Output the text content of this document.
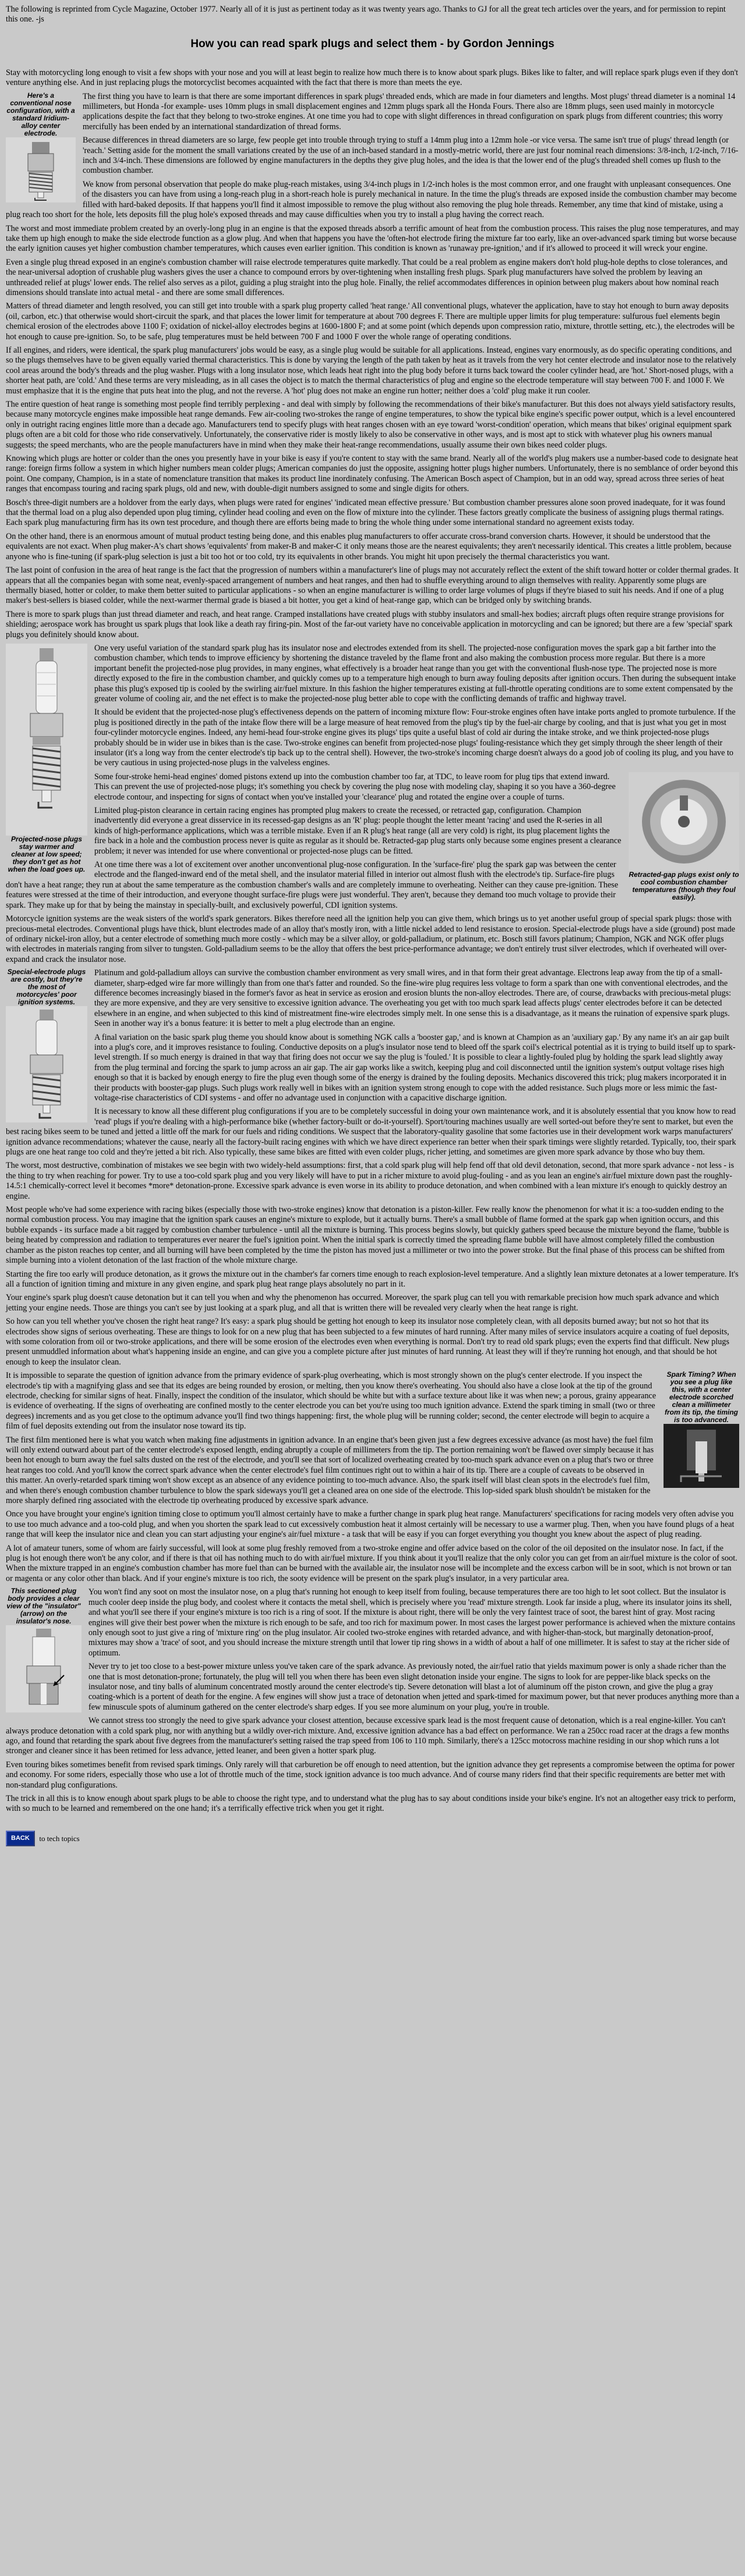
The following is reprinted from Cycle Magazine, October 1977. Nearly all of it is just as pertinent today as it was twenty years ago. Thanks to GJ for all the great tech articles over the years, and for permission to repint this one. -js

How you can read spark plugs and select them - by Gordon Jennings

Stay with motorcycling long enough to visit a few shops with your nose and you will at least begin to realize how much there is to know about spark plugs. Bikes like to falter, and will replace spark plugs even if they don't venture anything else. And in just replacing plugs the motorcyclist becomes acquainted with the fact that there is more than meets the eye.

Here's a conventional nose configuration, with a standard Iridium-alloy center electrode.

The first thing you have to learn is that there are some important differences in spark plugs' threaded ends, which are made in four diameters and lengths. Most plugs' thread diameter is a nominal 14 millimeters, but Honda -for example- uses 10mm plugs in small displacement engines and 12mm plugs spark all the Honda Fours. There also are 18mm plugs, seen used mainly in motorcycle applications despite the fact that they belong to two-stroke engines. At one time you had to cope with slight differences in thread configuration on spark plugs from different countries; this worry mercifully has been ended by an international standardization of thread forms.

Because differences in thread diameters are so large, few people get into trouble through trying to stuff a 14mm plug into a 12mm hole -or vice versa. The same isn't true of plugs' thread length (or 'reach.' Setting aside for the moment the small variations created by the use of an inch-based standard in a mostly-metric world, there are just four nominal reach dimensions: 3/8-inch, 1/2-inch, 7/16-inch and 3/4-inch. These dimensions are followed by engine manufacturers in the depths they give plug holes, and the idea is that the lower end of the plug's threaded shell comes up flush to the combustion chamber.

We know from personal observation that people do make plug-reach mistakes, using 3/4-inch plugs in 1/2-inch holes is the most common error, and one fraught with unpleasant consequences. One of the disasters you can have from using a long-reach plug in a short-reach hole is purely mechanical in nature. In the time the plug's threads are exposed inside the combustion chamber may become filled with hard-baked deposits. If that happens you'll find it almost impossible to remove the plug without also removing the plug hole threads. Remember, any time that kind of mistake, using a plug reach too short for the hole, lets deposits fill the plug hole's exposed threads and may cause difficulties when you try to install a plug having the correct reach.

The worst and most immediate problem created by an overly-long plug in an engine is that the exposed threads absorb a terrific amount of heat from the combustion process. This raises the plug nose temperatures, and may take them up high enough to make the side electrode function as a glow plug. And when that happens you have the 'often-hot electrode firing the mixture far too early, like an over-advanced spark timing but worse because the early ignition causes yet higher combustion chamber temperatures, which causes even earlier ignition. This condition is known as 'runaway pre-ignition,' and if it's allowed to proceed it will wreck your engine.

Even a single plug thread exposed in an engine's combustion chamber will raise electrode temperatures quite markedly. That could be a real problem as engine makers don't hold plug-hole depths to close tolerances, and the near-universal adoption of crushable plug washers gives the user a chance to compound errors by over-tightening when installing fresh plugs. Spark plug manufacturers have solved the problem by leaving an unthreaded relief at plugs' lower ends. The relief also serves as a pilot, guiding a plug straight into the plug hole. Finally, the relief accommodates differences in opinion between plug makers about how nominal reach dimensions should translate into actual metal - and there are some small differences.

Matters of thread diameter and length resolved, you can still get into trouble with a spark plug property called 'heat range.' All conventional plugs, whatever the application, have to stay hot enough to burn away deposits (oil, carbon, etc.) that otherwise would short-circuit the spark, and that places the lower limit for temperature at about 700 degrees F. There are multiple upper limits for plug temperature: sulfurous fuel elements begin chemical erosion of the electrodes above 1100 F; oxidation of nickel-alloy electrodes begins at 1600-1800 F; and at some point (which depends upon compression ratio, mixture, throttle setting, etc.), the electrodes will be hot enough to cause pre-ignition. So, to be safe, plug temperatures must be held between 700 F and 1000 F over the whole range of operating conditions.

If all engines, and riders, were identical, the spark plug manufacturers' jobs would be easy, as a single plug would be suitable for all applications. Instead, engines vary enormously, as do specific operating conditions, and so the plugs themselves have to be given equally varied thermal characteristics. This is done by varying the length of the path taken by heat as it travels from the very hot center electrode and insulator nose to the relatively cool areas around the body's threads and the plug washer. Plugs with a long insulator nose, which leads heat right into the plug body before it turns back toward the cooler cylinder head, are 'hot.' Short-nosed plugs, with a shorter heat path, are 'cold.' And these terms are very misleading, as in all cases the object is to match the thermal characteristics of plug and engine so the electrode temperature will stay between 700 F. and 1000 F. We must emphasize that it is the engine that puts heat into the plug, and not the reverse. A 'hot' plug does not make an engine run hotter; neither does a 'cold' plug make it run cooler.

The entire question of heat range is something most people find terribly perplexing - and deal with simply by following the recommendations of their bike's manufacturer. But this does not always yield satisfactory results, because many motorcycle engines make impossible heat range demands. Few air-cooling two-strokes the range of engine temperatures, to show the typical bike engine's specific power output, which is a level encountered only in outright racing engines little more than a decade ago. Manufacturers tend to specify plugs with heat ranges chosen with an eye toward 'worst-condition' operation, which means that bikes' original equipment spark plugs often are a bit cold for those who ride conservatively. Unfortunately, the conservative rider is mostly likely to also be conservative in other ways, and is most apt to stick with whatever plug his owners manual suggests; the speed merchants, who are the people manufacturers have in mind when they make their heat-range recommendations, usually assume their own bikes need colder plugs.

Knowing which plugs are hotter or colder than the ones you presently have in your bike is easy if you're content to stay with the same brand. Nearly all of the world's plug makers use a number-based code to designate heat range: foreign firms follow a system in which higher numbers mean colder plugs; American companies do just the opposite, assigning hotter plugs higher numbers. Unfortunately, there is no semblance of order beyond this point. One company, Champion, is in a state of nomenclature transition that makes its product line inordinately confusing. The American Bosch aspect of Champion, but in an odd way, spread across three series of heat ranges that encompass touring and racing spark plugs, old and new, with double-digit numbers assigned to some and single digits for others.

Bosch's three-digit numbers are a holdover from the early days, when plugs were rated for engines' 'indicated mean effective pressure.' But combustion chamber pressures alone soon proved inadequate, for it was found that the thermal load on a plug also depended upon plug timing, cylinder head cooling and even on the flow of mixture into the cylinder. These factors greatly complicate the business of assigning plugs thermal ratings. Each spark plug manufacturing firm has its own test procedure, and though there are efforts being made to bring the whole thing under some international standard no agreement exists today.

On the other hand, there is an enormous amount of mutual product testing being done, and this enables plug manufacturers to offer accurate cross-brand conversion charts. However, it should be understood that the equivalents are not exact. When plug maker-A's chart shows 'equivalents' from maker-B and maker-C it only means those are the nearest equivalents; they aren't necessarily identical. This creates a little problem, because anyone who is fine-tuning (if spark-plug selection is just a bit too hot or too cold, try its equivalents in other brands. You might hit upon precisely the thermal characteristics you want.

The last point of confusion in the area of heat range is the fact that the progression of numbers within a manufacturer's line of plugs may not accurately reflect the extent of the shift toward hotter or colder thermal grades. It appears that all the companies began with some neat, evenly-spaced arrangement of numbers and heat ranges, and then had to shuffle everything around to align themselves with reality. Apparently some plugs are thermally biased, hotter or colder, to make them better suited to particular applications - so when an engine manufacturer is willing to order large volumes of plugs if they're biased to suit his needs. And if one of a plug maker's best-sellers is biased colder, while the next-warmer thermal grade is biased a bit hotter, you get a kind of heat-range gap, which can be bridged only by switching brands.

There is more to spark plugs than just thread diameter and reach, and heat range. Cramped installations have created plugs with stubby insulators and small-hex bodies; aircraft plugs often require strange provisions for shielding; aerospace work has brought us spark plugs that look like a death ray firing-pin. Most of the far-out variety have no conceivable application in motorcycling and can be ignored; but there are a few 'special' spark plugs you definitely should know about.

Projected-nose plugs stay warmer and cleaner at low speed; they don't get as hot when the load goes up.

One very useful variation of the standard spark plug has its insulator nose and electrodes extended from its shell. The projected-nose configuration moves the spark gap a bit farther into the combustion chamber, which tends to improve efficiency by shortening the distance traveled by the flame front and also making the combustion process more regular. But there is a more important benefit the projected-nose plug provides, in many engines, what effectively is a broader heat range than you get with the conventional flush-nose type. The projected nose is more directly exposed to the fire in the combustion chamber, and quickly comes up to a temperature high enough to burn away fouling deposits after ignition occurs. Then during the subsequent intake phase this plug's exposed tip is cooled by the swirling air/fuel mixture. In this fashion the higher temperatures existing at full-throttle operating conditions are to some extent compensated by the greater volume of cooling air, and the net effect is to make the projected-nose plug better able to cope with the conflicting demands of traffic and highway travel.

It should be evident that the projected-nose plug's effectiveness depends on the pattern of incoming mixture flow: Four-stroke engines often have intake ports angled to promote turbulence. If the plug is positioned directly in the path of the intake flow there will be a large measure of heat removed from the plug's tip by the fuel-air charge by cooling, and that is just what you get in most four-cylinder motorcycle engines. Indeed, any hemi-head four-stroke engine gives its plugs' tips quite a useful blast of cold air during the intake stroke, and we think projected-nose plugs probably should be in wider use in bikes than is the case. Two-stroke engines can benefit from projected-nose plugs' fouling-resistance which they get simply through the sheer length of their insulator (it's a long way from the center electrode's tip back up to the central shell). However, the two-stroke's incoming charge doesn't always do a good job of cooling its plug, and you have to be very cautious in using projected-nose plugs in the valveless engines.

Retracted-gap plugs exist only to cool combustion chamber temperatures (though they foul easily).

Some four-stroke hemi-head engines' domed pistons extend up into the combustion chamber too far, at TDC, to leave room for plug tips that extend inward. This can prevent the use of projected-nose plugs; it's something you check by covering the plug nose with modeling clay, shaping it so you have a 360-degree electrode contour, and inspecting for signs of contact when you've installed your 'clearance' plug and rotated the engine over a couple of turns.

Limited plug-piston clearance in certain racing engines has prompted plug makers to create the recessed, or retracted gap, configuration. Champion inadvertently did everyone a great disservice in its recessed-gap designs as an 'R' plug: people thought the letter meant 'racing' and used the R-series in all kinds of high-performance applications, which was a terrible mistake. Even if an R plug's heat range (all are very cold) is right, its plug placement lights the fire back in a hole and the combustion process never is quite as regular as it should be. Retracted-gap plug starts only because some engines present a clearance problem; it never was intended for use where conventional or projected-nose plugs can be fitted.

At one time there was a lot of excitement over another unconventional plug-nose configuration. In the 'surface-fire' plug the spark gap was between the center electrode and the flanged-inward end of the metal shell, and the insulator material filled in interior out almost flush with the electrode's tip. Surface-fire plugs don't have a heat range; they run at about the same temperature as the combustion chamber's walls and are completely immune to overheating. Neither can they cause pre-ignition. These features were stressed at the time of their introduction, and everyone thought surface-fire plugs were just wonderful. They aren't, because they demand too much voltage to provide their spark. They make up for that by being the mainstay in specially-built, and exclusively powerful, CDI ignition systems.

Motorcycle ignition systems are the weak sisters of the world's spark generators. Bikes therefore need all the ignition help you can give them, which brings us to yet another useful group of special spark plugs: those with precious-metal electrodes. Conventional plugs have thick, blunt electrodes made of an alloy that's mostly iron, with a little nickel added to lend resistance to erosion. Special-electrode plugs have a side (ground) post made of ordinary nickel-iron alloy, but a center electrode of something much more costly - which may be a silver alloy, or gold-palladium, or platinum, etc. Bosch still favors platinum; Champion, NGK and NGK offer plugs with electrodes in materials ranging from silver to tungsten. Gold-palladium seems to be the alloy that offers the best price-performance advantage; we don't entirely trust silver electrodes, which if overheated will over-expand and crack the insulator nose.

Special-electrode plugs are costly, but they're the most of motorcycles' poor ignition systems.

Platinum and gold-palladium alloys can survive the combustion chamber environment as very small wires, and in that form their great advantage. Electrons leap away from the tip of a small-diameter, sharp-edged wire far more willingly than from one that's fatter and rounded. So the fine-wire plug requires less voltage to form a spark than one with conventional electrodes, and the difference becomes increasingly biased in the former's favor as heat in service as erosion and erosion blunts the non-alloy electrodes. There are, of course, drawbacks with precious-metal plugs: they are more expensive, and they are very sensitive to excessive ignition advance. The overheating you get with too much spark lead affects plugs' center electrodes before it can be detected elsewhere in an engine, and when subjected to this kind of mistreatment fine-wire electrodes simply melt. In one sense this is a disadvantage, as it means the ruination of expensive spark plugs. Seen in another way it's a bonus feature: it is better to melt a plug electrode than an engine.

A final variation on the basic spark plug theme you should know about is something NGK calls a 'booster gap,' and is known at Champion as an 'auxiliary gap.' By any name it's an air gap built into a plug's core, and it improves resistance to fouling. Conductive deposits on a plug's insulator nose tend to bleed off the spark coil's electrical potential as it is trying to build itself up to spark-level strength. If so much energy is drained in that way that firing does not occur we say the plug is 'fouled.' It is possible to clear a lightly-fouled plug by holding the spark lead slightly away from the plug terminal and forcing the spark to jump across an air gap. The air gap works like a switch, keeping plug and coil disconnected until the ignition system's output voltage rises high enough so that it is backed by enough energy to fire the plug even though some of the energy is drained by the fouling deposits. Mechanics discovered this trick; plug makers incorporated it in their products with booster-gap plugs. Such plugs work really well in bikes with an ignition system strong enough to cope with the added resistance. Such plugs more or less mimic the fast-voltage-rise characteristics of CDI systems - and offer no advantage used in conjunction with a capacitive discharge ignition.

It is necessary to know all these different plug configurations if you are to be completely successful in doing your own maintenance work, and it is absolutely essential that you know how to read 'read' plugs if you're dealing with a high-performance bike (whether factory-built or do-it-yourself). Sport/touring machines usually are well sorted-out before they're sent to market, but even the best racing bikes seem to be tuned and jetted a little off the mark for our fuels and riding conditions. We suspect that the laboratory-quality gasoline that some factories use in their development work warps manufacturers' ignition advance recommendations; whatever the cause, nearly all the factory-built racing engines with which we have direct experience ran better when their spark timings were slightly retarded. Typically, too, their spark plugs are one heat range too cold and they're jetted a bit rich. Also typically, these same bikes are fitted with even colder plugs, richer jetting, and sometimes are given more spark advance by those who buy them.

The worst, most destructive, combination of mistakes we see begin with two widely-held assumptions: first, that a cold spark plug will help fend off that old devil detonation, second, that more spark advance - not less - is the thing to try when reaching for power. Try to use a too-cold spark plug and you very likely will have to put in a richer mixture to avoid plug-fouling - and as you lean an engine's air/fuel mixture down past the roughly-14.5:1 chemically-correct level it becomes *more* detonation-prone. Excessive spark advance is even worse in its ability to produce detonation, and when combined with a lean mixture it's enough to quickly destroy an engine.

Most people who've had some experience with racing bikes (especially those with two-stroke engines) know that detonation is a piston-killer. Few really know the phenomenon for what it is: a too-sudden ending to the normal combustion process. You may imagine that the ignition spark causes an engine's mixture to explode, but it actually burns. There's a small bubble of flame formed at the spark gap when ignition occurs, and this bubble expands - its surface made a bit ragged by combustion chamber turbulence - until all the mixture is burning. This process begins slowly, but quickly gathers speed because the mixture beyond the flame, 'bubble is being heated by compression and radiation to temperatures ever nearer the fuel's ignition point. When the initial spark is correctly timed the spreading flame bubble will have almost completely filled the combustion chamber as the piston reaches top center, and all burning will have been completed by the time the piston has moved just a millimeter or two into the power stroke. But the final phase of this process can be shifted from simple burning into a violent detonation of the last fraction of the whole mixture charge.

Starting the fire too early will produce detonation, as it grows the mixture out in the chamber's far corners time enough to reach explosion-level temperature. And a slightly lean mixture detonates at a lower temperature. It's all a function of ignition timing and mixture in any given engine, and spark plug heat range plays absolutely no part in it.

Your engine's spark plug doesn't cause detonation but it can tell you when and why the phenomenon has occurred. Moreover, the spark plug can tell you with remarkable precision how much spark advance and which jetting your engine needs. Those are things you can't see by just looking at a spark plug, and all that is written there will be revealed very clearly when the heat range is right.

So how can you tell whether you've chosen the right heat range? It's easy: a spark plug should be getting hot enough to keep its insulator nose completely clean, with all deposits burned away; but not so hot that its electrodes show signs of serious overheating. These are things to look for on a new plug that has been subjected to a few minutes of hard running. After many miles of service insulators acquire a coating of fuel deposits, with some coloration from oil or two-stroke applications, and there will be some erosion of the electrodes even when everything is normal. Don't try to read old spark plugs; even the experts find that difficult. New plugs present unmuddled information about what's happening inside an engine, and can give you a complete picture after just minutes of hard running. At least they will if they're running hot enough, and that should be hot enough to keep the insulator clean.

Spark Timing? When you see a plug like this, with a center electrode scorched clean a millimeter from its tip, the timing is too advanced.

It is impossible to separate the question of ignition advance from the primary evidence of spark-plug overheating, which is most strongly shown on the plug's center electrode. If you inspect the electrode's tip with a magnifying glass and see that its edges are being rounded by erosion, or melting, then you know there's overheating. You should also have a close look at the tip of the ground electrode, checking for similar signs of heat. Finally, inspect the condition of the insulator, which should be white but with a surface texture about like it was when new; a porous, grainy appearance is evidence of overheating. If the signs of overheating are confined mostly to the center electrode you can bet you're using too much ignition advance. Extend the spark timing in small (two or three degrees) increments and as you get close to the optimum advance you'll find two things happening: first, the whole plug will be running colder; second, the center electrode will begin to acquire a film of fuel deposits extending out from the insulator nose toward its tip.

The first film mentioned here is what you watch when making fine adjustments in ignition advance. In an engine that's been given just a few degrees excessive advance (as most have) the fuel film will only extend outward about part of the center electrode's exposed length, ending abruptly a couple of millimeters from the tip. The portion remaining won't be flawed over simply because it has been hot enough to burn away the fuel salts dusted on the rest of the electrode, and you'll see that sort of localized overheating created by too-much spark advance even on a plug that's two or three heat ranges too cold. And you'll know the correct spark advance when the center electrode's fuel film continues right out to within a hair of its tip. There are a couple of caveats to be observed in this matter. An overly-retarded spark timing won't show except as an absence of any evidence pointing to too-much advance. Also, the spark itself will blast clean spots in the electrode's fuel film, and when there's enough combustion chamber turbulence to blow the spark sideways you'll get a cleaned area on one side of the electrode. This lop-sided spark blush shouldn't be mistaken for the more sharply defined ring associated with the electrode tip overheating produced by excessive spark advance.

Once you have brought your engine's ignition timing close to optimum you'll almost certainly have to make a further change in spark plug heat range. Manufacturers' specifications for racing models very often advise you to use too much advance and a too-cold plug, and when you shorten the spark lead to cut excessively combustion heat it almost certainly will be necessary to use a warmer plug. Then, when you have found plugs of a heat range that will keep the insulator nice and clean you can start adjusting your engine's air/fuel mixture - a task that will be easy if you can forget everything you thought you knew about the aspect of plug reading.

A lot of amateur tuners, some of whom are fairly successful, will look at some plug freshly removed from a two-stroke engine and offer advice based on the color of the oil deposited on the insulator nose. In fact, if the plug is hot enough there won't be any color, and if there is that oil has nothing much to do with air/fuel mixture. If you think about it you'll realize that the only color you can get from an air/fuel mixture is the color of soot. When the mixture trapped in an engine's combustion chamber has more fuel than can be burned with the available air, the insulator nose will be incomplete and the excess carbon will be in soot, which is not brown or tan or magenta or any color other than black. And if your engine's mixture is too rich, the sooty evidence will be present on the spark plug's insulator, in a very particular area.

This sectioned plug body provides a clear view of the "insulator" (arrow) on the insulator's nose.

You won't find any soot on most the insulator nose, on a plug that's running hot enough to keep itself from fouling, because temperatures there are too high to let soot collect. But the insulator is much cooler deep inside the plug body, and coolest where it contacts the metal shell, which is precisely where you 'read' mixture strength. Look far inside a plug, where its insulator joins its shell, and what you'll see there if your engine's mixture is too rich is a ring of soot. If the mixture is about right, there will be only the very faintest trace of soot, the barest hint of gray. Most racing engines will give their best power when the mixture is rich enough to be safe, and too rich for maximum power. In most cases the largest power performance is achieved when the mixture contains only enough soot to just give a ring of 'mixture ring' on the plug insulator. Air cooled two-stroke engines with retarded advance, and with higher-than-stock, but marginally detonation-proof, mixtures may show a 'trace' of soot, and you should increase the mixture strength until that lower tip ring shows in a width of about a half of one millimeter. It is safest to stay at the richer side of optimum.

Never try to jet too close to a best-power mixture unless you've taken care of the spark advance. As previously noted, the air/fuel ratio that yields maximum power is only a shade richer than the one that is most detonation-prone; fortunately, the plug will tell you when there has been even slight detonation inside your engine. The signs to look for are pepper-like black specks on the insulator nose, and tiny balls of aluminum concentrated mostly around the center electrode's tip. Severe detonation will blast a lot of aluminum off the piston crown, and give the plug a gray coating-which is a portent of death for the engine. A few engines will show just a trace of detonation when jetted and spark-timed for maximum power, but that never produces anything more than a few minuscule spots of aluminum gathered on the center electrode's sharp edges. If you see more aluminum on your plug, you're in trouble.

We cannot stress too strongly the need to give spark advance your closest attention, because excessive spark lead is the most frequent cause of detonation, which is a real engine-killer. You can't always produce detonation with a cold spark plug, nor with anything but a wildly over-rich mixture. And, excessive ignition advance has a bad effect on performance. We ran a 250cc road racer at the drags a few months ago, and found that retarding the spark about five degrees from the manufacturer's setting raised the trap speed from 106 to 110 mph. Similarly, there's a 125cc motocross machine residing in our shop which runs a lot stronger and cleaner since it has been retimed for less advance, jetted leaner, and been given a hotter spark plug.

Even touring bikes sometimes benefit from revised spark timings. Only rarely will that carburetion be off enough to need attention, but the ignition advance they get represents a compromise between the optima for power and economy. For some riders, especially those who use a lot of throttle much of the time, stock ignition advance is too much advance. And of course many riders find that their specific requirements are better met with non-standard plug configurations.

The trick in all this is to know enough about spark plugs to be able to choose the right type, and to understand what the plug has to say about conditions inside your bike's engine. It's not an altogether easy trick to perform, with so much to be learned and remembered on the one hand; it's a terrifically effective trick when you get it right.

BACK to tech topics
